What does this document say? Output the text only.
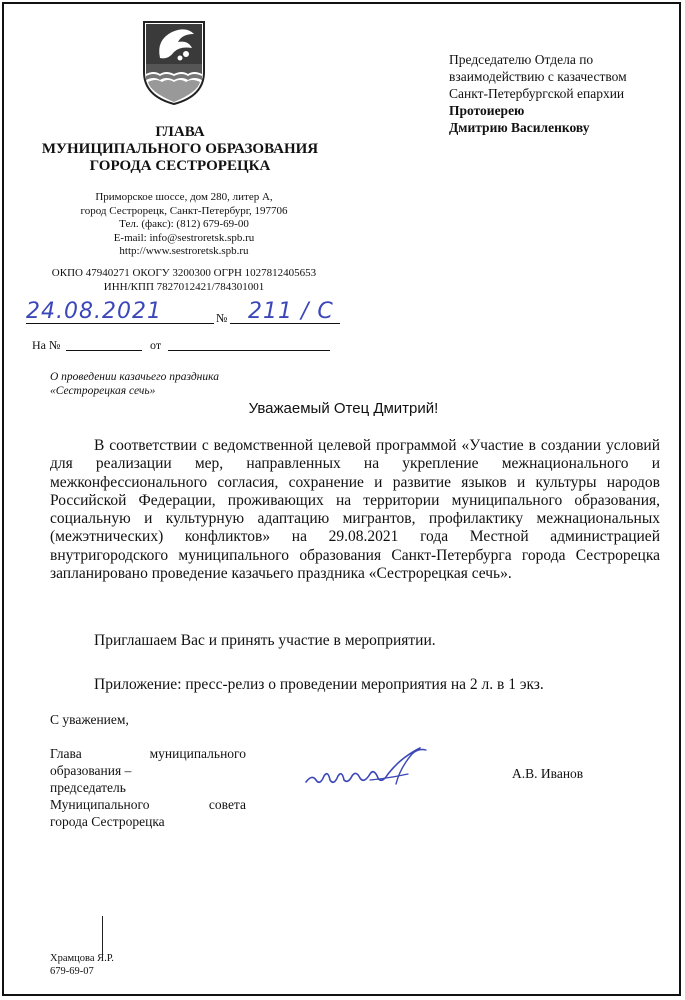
ГЛАВА
МУНИЦИПАЛЬНОГО ОБРАЗОВАНИЯ
ГОРОДА СЕСТРОРЕЦКА
Приморское шоссе, дом 280, литер А,
город Сестрорецк, Санкт-Петербург, 197706
Тел. (факс): (812) 679-69-00
E-mail: info@sestroretsk.spb.ru
http://www.sestroretsk.spb.ru
ОКПО 47940271 ОКОГУ 3200300 ОГРН 1027812405653
ИНН/КПП 7827012421/784301001
24.08.2021	№ 211 / С
На №	от
О проведении казачьего праздника
«Сестрорецкая сечь»
Председателю Отдела по
взаимодействию с казачеством
Санкт-Петербургской епархии
Протоиерею
Дмитрию Василенкову
Уважаемый Отец Дмитрий!
В соответствии с ведомственной целевой программой «Участие в создании условий для реализации мер, направленных на укрепление межнационального и межконфессионального согласия, сохранение и развитие языков и культуры народов Российской Федерации, проживающих на территории муниципального образования, социальную и культурную адаптацию мигрантов, профилактику межнациональных (межэтнических) конфликтов» на 29.08.2021 года Местной администрацией внутригородского муниципального образования Санкт-Петербурга города Сестрорецка запланировано проведение казачьего праздника «Сестрорецкая сечь».
Приглашаем Вас и принять участие в мероприятии.
Приложение: пресс-релиз о проведении мероприятия на 2 л. в 1 экз.
С уважением,
Глава муниципального
образования –
председатель
Муниципального совета
города Сестрорецка
А.В. Иванов
Храмцова Я.Р.
679-69-07
